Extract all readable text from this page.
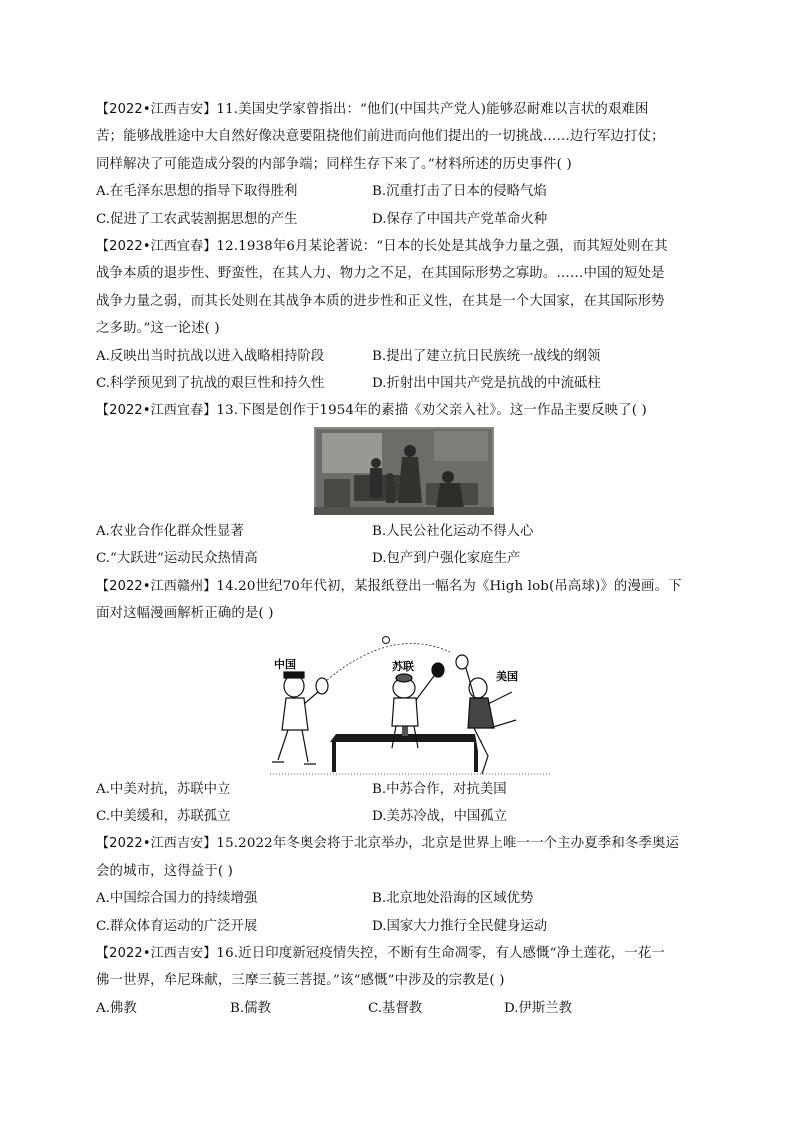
【2022•江西吉安】11.美国史学家曾指出：“他们(中国共产党人)能够忍耐难以言状的艰难困
苦；能够战胜途中大自然好像决意要阻挠他们前进而向他们提出的一切挑战……边行军边打仗；
同样解决了可能造成分裂的内部争端；同样生存下来了。”材料所述的历史事件( )
A.在毛泽东思想的指导下取得胜利	B.沉重打击了日本的侵略气焰
C.促进了工农武装割据思想的产生	D.保存了中国共产党革命火种
【2022•江西宜春】12.1938年6月某论著说：“日本的长处是其战争力量之强，而其短处则在其
战争本质的退步性、野蛮性，在其人力、物力之不足，在其国际形势之寡助。……中国的短处是
战争力量之弱，而其长处则在其战争本质的进步性和正义性，在其是一个大国家，在其国际形势
之多助。”这一论述( )
A.反映出当时抗战以进入战略相持阶段	B.提出了建立抗日民族统一战线的纲领
C.科学预见到了抗战的艰巨性和持久性	D.折射出中国共产党是抗战的中流砥柱
【2022•江西宜春】13.下图是创作于1954年的素描《劝父亲入社》。这一作品主要反映了( )
A.农业合作化群众性显著	B.人民公社化运动不得人心
C.“大跃进”运动民众热情高	D.包产到户强化家庭生产
【2022•江西赣州】14.20世纪70年代初，某报纸登出一幅名为《High lob(吊高球)》的漫画。下
面对这幅漫画解析正确的是( )
中国	苏联
美国
A.中美对抗，苏联中立	B.中苏合作，对抗美国
C.中美缓和，苏联孤立	D.美苏冷战，中国孤立
【2022•江西吉安】15.2022年冬奥会将于北京举办，北京是世界上唯一一个主办夏季和冬季奥运
会的城市，这得益于( )
A.中国综合国力的持续增强	B.北京地处沿海的区域优势
C.群众体育运动的广泛开展	D.国家大力推行全民健身运动
【2022•江西吉安】16.近日印度新冠疫情失控，不断有生命凋零，有人感慨“净土莲花，一花一
佛一世界，牟尼珠献，三摩三藐三菩提。”该“感慨”中涉及的宗教是( )
A.佛教	B.儒教	C.基督教	D.伊斯兰教
